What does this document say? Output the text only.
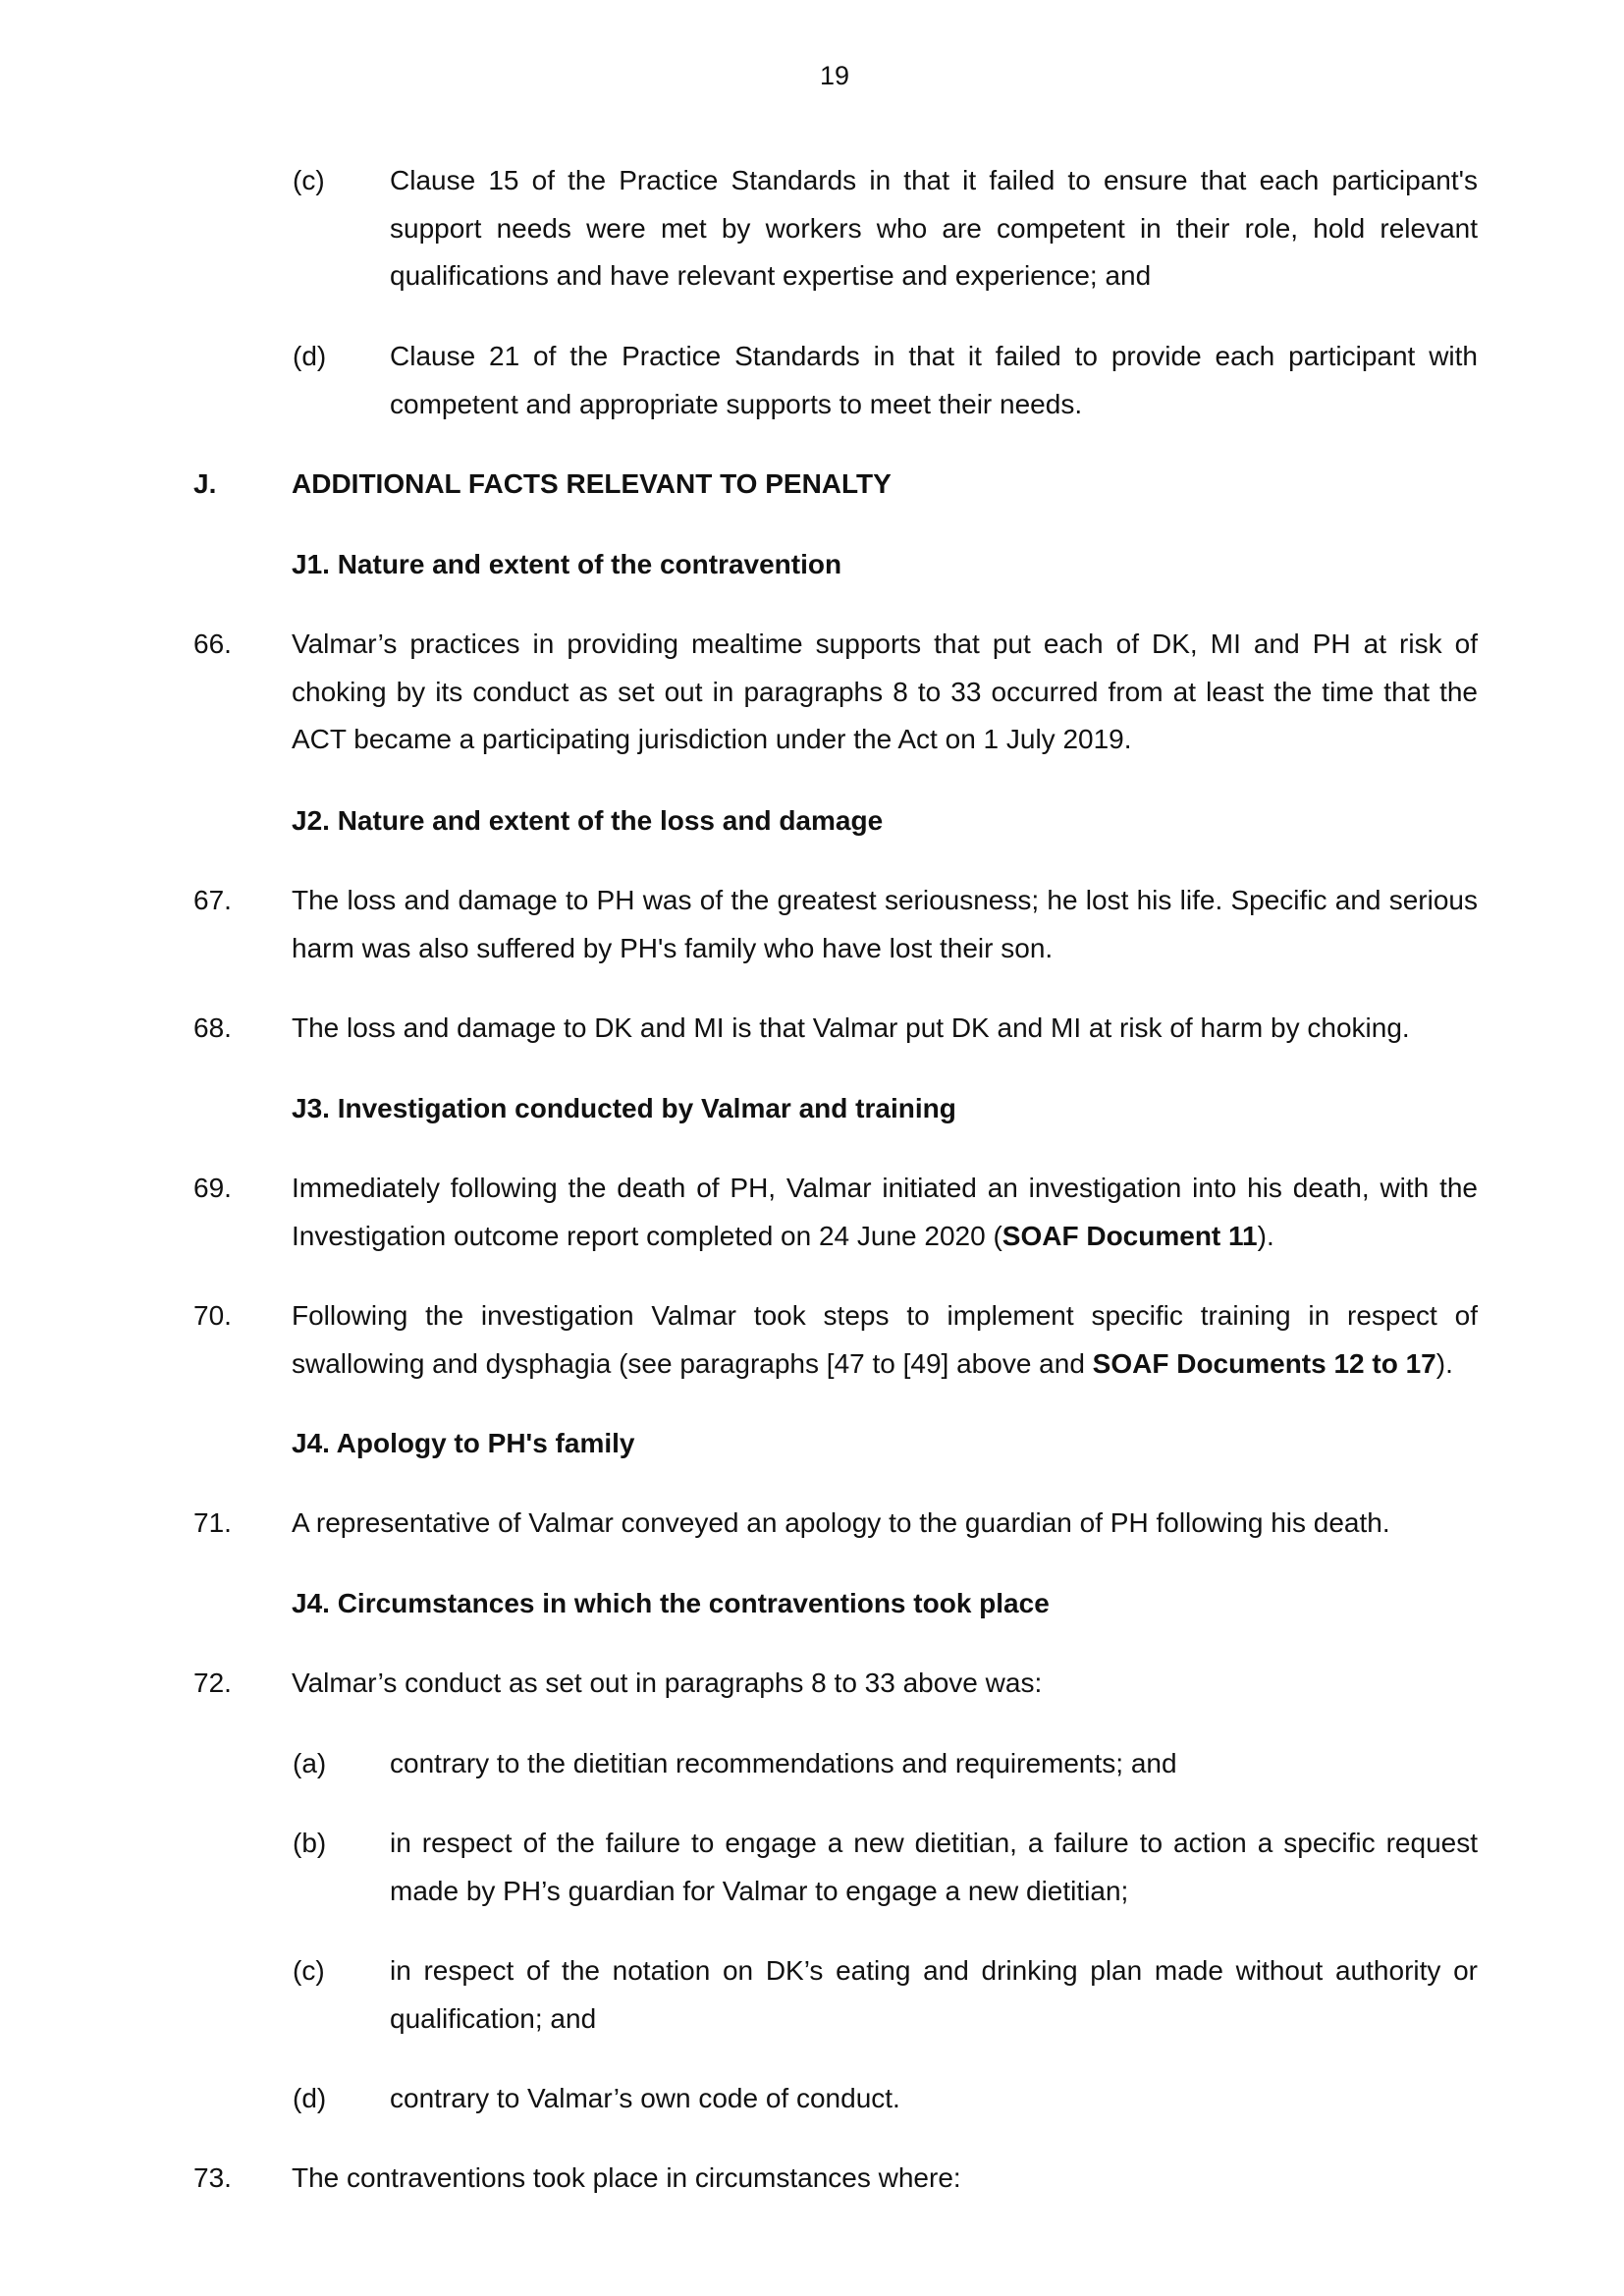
19
(c)	Clause 15 of the Practice Standards in that it failed to ensure that each participant's support needs were met by workers who are competent in their role, hold relevant qualifications and have relevant expertise and experience; and
(d)	Clause 21 of the Practice Standards in that it failed to provide each participant with competent and appropriate supports to meet their needs.
J.	ADDITIONAL FACTS RELEVANT TO PENALTY
J1. Nature and extent of the contravention
66.	Valmar’s practices in providing mealtime supports that put each of DK, MI and PH at risk of choking by its conduct as set out in paragraphs 8 to 33 occurred from at least the time that the ACT became a participating jurisdiction under the Act on 1 July 2019.
J2. Nature and extent of the loss and damage
67.	The loss and damage to PH was of the greatest seriousness; he lost his life. Specific and serious harm was also suffered by PH's family who have lost their son.
68.	The loss and damage to DK and MI is that Valmar put DK and MI at risk of harm by choking.
J3. Investigation conducted by Valmar and training
69.	Immediately following the death of PH, Valmar initiated an investigation into his death, with the Investigation outcome report completed on 24 June 2020 (SOAF Document 11).
70.	Following the investigation Valmar took steps to implement specific training in respect of swallowing and dysphagia (see paragraphs [47 to [49] above and SOAF Documents 12 to 17).
J4. Apology to PH's family
71.	A representative of Valmar conveyed an apology to the guardian of PH following his death.
J4. Circumstances in which the contraventions took place
72.	Valmar’s conduct as set out in paragraphs 8 to 33 above was:
(a)	contrary to the dietitian recommendations and requirements; and
(b)	in respect of the failure to engage a new dietitian, a failure to action a specific request made by PH’s guardian for Valmar to engage a new dietitian;
(c)	in respect of the notation on DK’s eating and drinking plan made without authority or qualification; and
(d)	contrary to Valmar’s own code of conduct.
73.	The contraventions took place in circumstances where:
